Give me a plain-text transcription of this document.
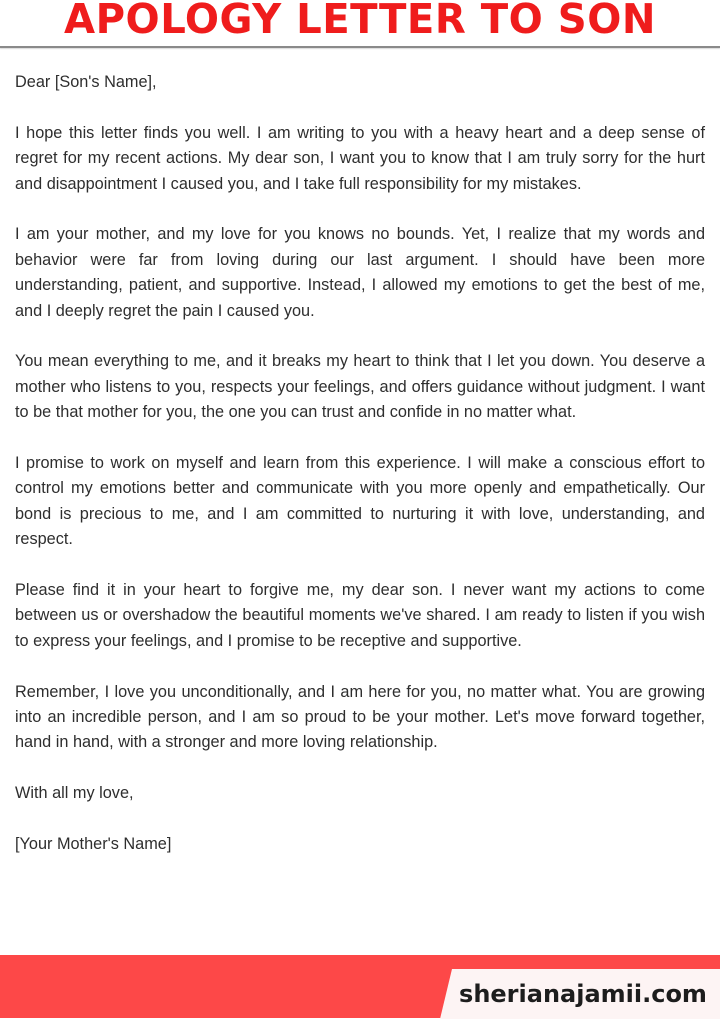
APOLOGY LETTER TO SON

Dear [Son's Name],

I hope this letter finds you well. I am writing to you with a heavy heart and a deep sense of regret for my recent actions. My dear son, I want you to know that I am truly sorry for the hurt and disappointment I caused you, and I take full responsibility for my mistakes.

I am your mother, and my love for you knows no bounds. Yet, I realize that my words and behavior were far from loving during our last argument. I should have been more understanding, patient, and supportive. Instead, I allowed my emotions to get the best of me, and I deeply regret the pain I caused you.

You mean everything to me, and it breaks my heart to think that I let you down. You deserve a mother who listens to you, respects your feelings, and offers guidance without judgment. I want to be that mother for you, the one you can trust and confide in no matter what.

I promise to work on myself and learn from this experience. I will make a conscious effort to control my emotions better and communicate with you more openly and empathetically. Our bond is precious to me, and I am committed to nurturing it with love, understanding, and respect.

Please find it in your heart to forgive me, my dear son. I never want my actions to come between us or overshadow the beautiful moments we've shared. I am ready to listen if you wish to express your feelings, and I promise to be receptive and supportive.

Remember, I love you unconditionally, and I am here for you, no matter what. You are growing into an incredible person, and I am so proud to be your mother. Let's move forward together, hand in hand, with a stronger and more loving relationship.

With all my love,

[Your Mother's Name]

sherianajamii.com
